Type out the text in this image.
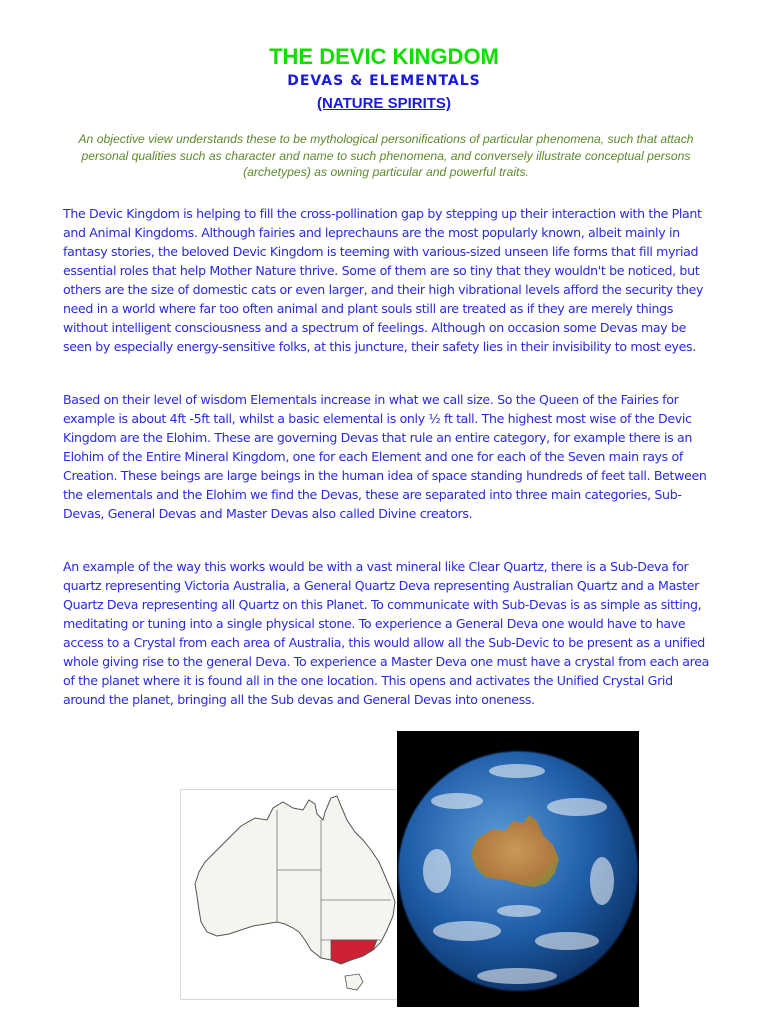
THE DEVIC KINGDOM
DEVAS & ELEMENTALS
(NATURE SPIRITS)
An objective view understands these to be mythological personifications of particular phenomena, such that attach personal qualities such as character and name to such phenomena, and conversely illustrate conceptual persons (archetypes) as owning particular and powerful traits.
The Devic Kingdom is helping to fill the cross-pollination gap by stepping up their interaction with the Plant and Animal Kingdoms. Although fairies and leprechauns are the most popularly known, albeit mainly in fantasy stories, the beloved Devic Kingdom is teeming with various-sized unseen life forms that fill myriad essential roles that help Mother Nature thrive. Some of them are so tiny that they wouldn't be noticed, but others are the size of domestic cats or even larger, and their high vibrational levels afford the security they need in a world where far too often animal and plant souls still are treated as if they are merely things without intelligent consciousness and a spectrum of feelings. Although on occasion some Devas may be seen by especially energy-sensitive folks, at this juncture, their safety lies in their invisibility to most eyes.
Based on their level of wisdom Elementals increase in what we call size. So the Queen of the Fairies for example is about 4ft -5ft tall, whilst a basic elemental is only ½ ft tall. The highest most wise of the Devic Kingdom are the Elohim. These are governing Devas that rule an entire category, for example there is an Elohim of the Entire Mineral Kingdom, one for each Element and one for each of the Seven main rays of Creation. These beings are large beings in the human idea of space standing hundreds of feet tall. Between the elementals and the Elohim we find the Devas, these are separated into three main categories, Sub-Devas, General Devas and Master Devas also called Divine creators.
An example of the way this works would be with a vast mineral like Clear Quartz, there is a Sub-Deva for quartz representing Victoria Australia, a General Quartz Deva representing Australian Quartz and a Master Quartz Deva representing all Quartz on this Planet. To communicate with Sub-Devas is as simple as sitting, meditating or tuning into a single physical stone. To experience a General Deva one would have to have access to a Crystal from each area of Australia, this would allow all the Sub-Devic to be present as a unified whole giving rise to the general Deva. To experience a Master Deva one must have a crystal from each area of the planet where it is found all in the one location. This opens and activates the Unified Crystal Grid around the planet, bringing all the Sub devas and General Devas into oneness.
